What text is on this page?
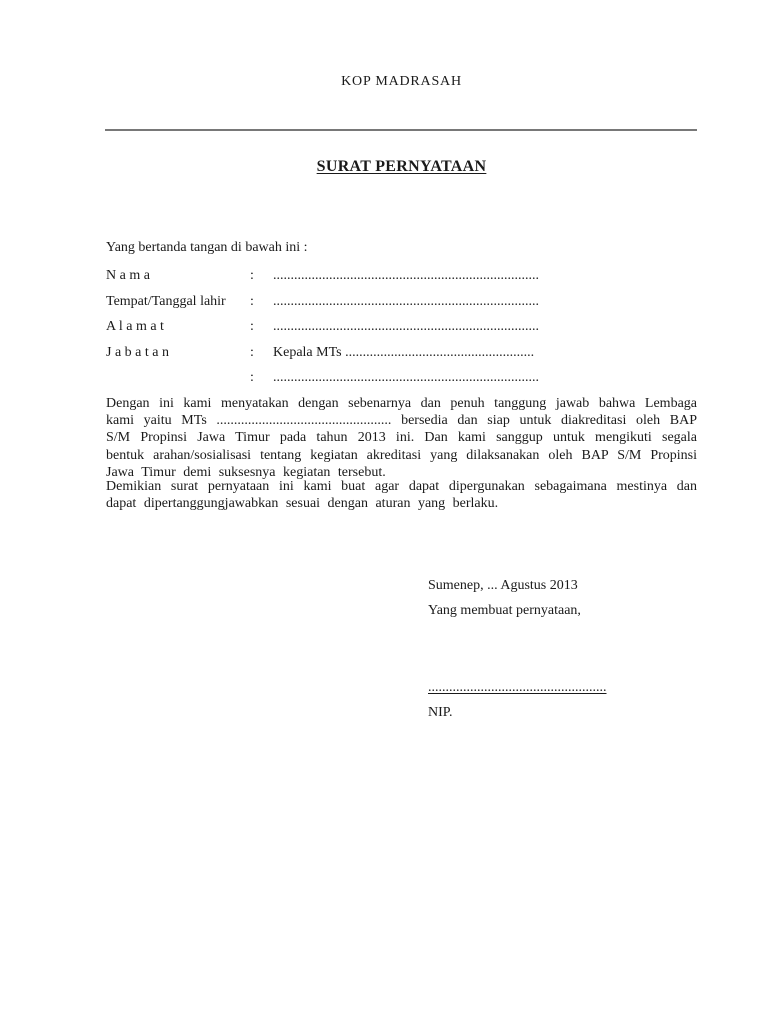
KOP MADRASAH
SURAT PERNYATAAN
Yang bertanda tangan di bawah ini :
N a m a	:	............................................................................
Tempat/Tanggal lahir	:	............................................................................
A l a m a t	:	............................................................................
J a b a t a n	:	Kepala MTs ......................................................
:	............................................................................

Dengan ini kami menyatakan dengan sebenarnya dan penuh tanggung jawab bahwa Lembaga kami yaitu MTs .................................................. bersedia dan siap untuk diakreditasi oleh BAP S/M Propinsi Jawa Timur pada tahun 2013 ini. Dan kami sanggup untuk mengikuti segala bentuk arahan/sosialisasi tentang kegiatan akreditasi yang dilaksanakan oleh BAP S/M Propinsi Jawa Timur demi suksesnya kegiatan tersebut.

Demikian surat pernyataan ini kami buat agar dapat dipergunakan sebagaimana mestinya dan dapat dipertanggungjawabkan sesuai dengan aturan yang berlaku.

Sumenep, ... Agustus 2013
Yang membuat pernyataan,
...................................................
NIP.
